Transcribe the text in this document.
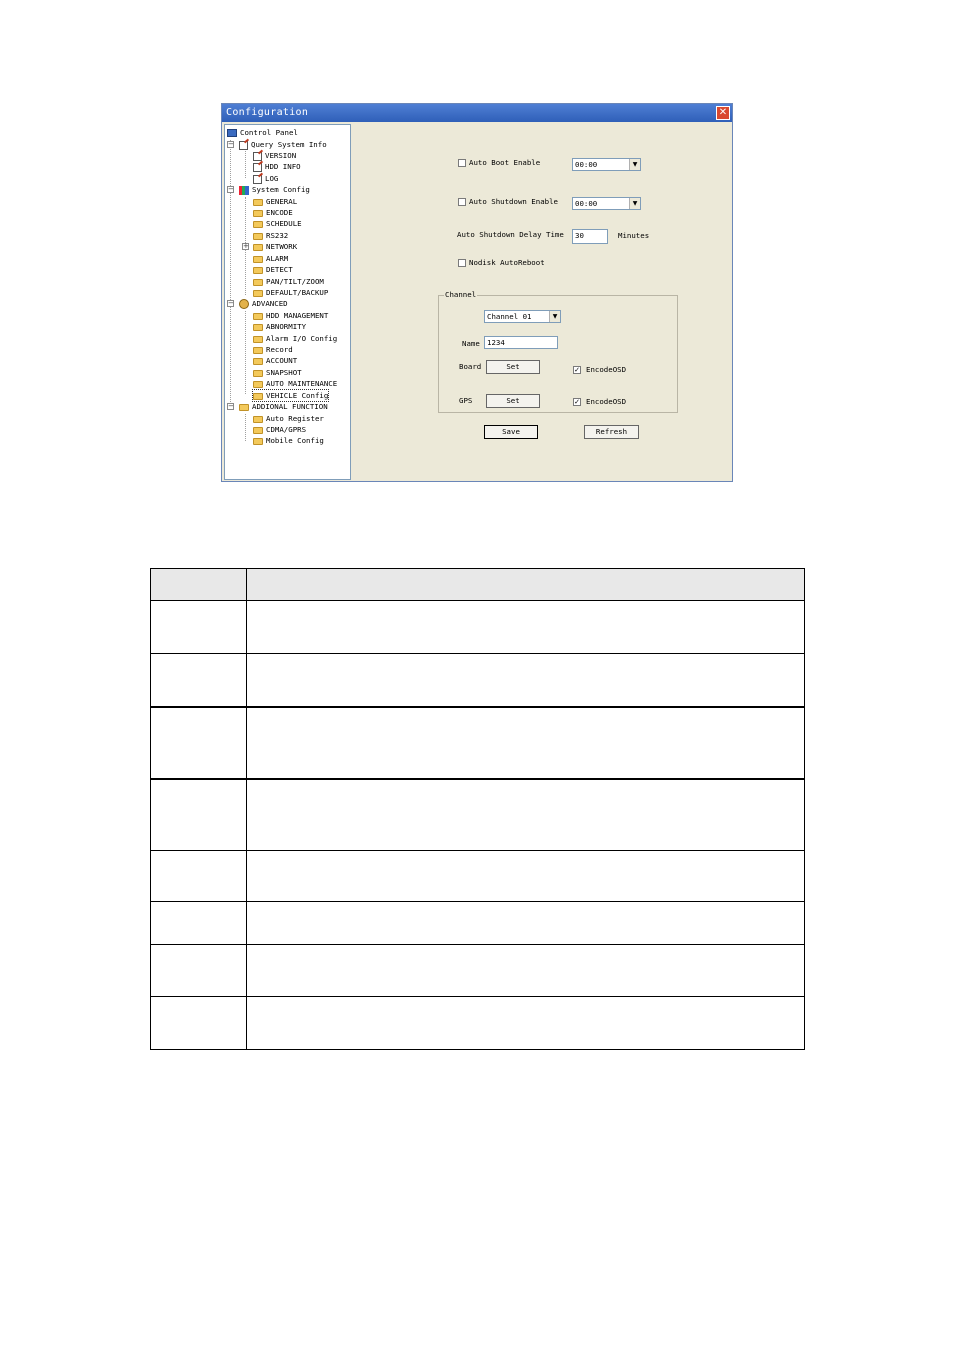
Configuration	✕
Control Panel
−	Query System Info
VERSION
HDD INFO
LOG
−	System Config
GENERAL
ENCODE
SCHEDULE
RS232
+	NETWORK
ALARM
DETECT
PAN/TILT/ZOOM
DEFAULT/BACKUP
−	ADVANCED
HDD MANAGEMENT
ABNORMITY
Alarm I/O Config
Record
ACCOUNT
SNAPSHOT
AUTO MAINTENANCE
VEHICLE Config
−	ADDIONAL FUNCTION
Auto Register
CDMA/GPRS
Mobile Config
Auto Boot Enable	00:00	▼
Auto Shutdown Enable	00:00	▼
Auto Shutdown Delay Time	30	Minutes
Nodisk AutoReboot
Channel
Channel 01	▼
Name 1234
Board	Set	✓ EncodeOSD
GPS	Set	✓ EncodeOSD
Save	Refresh
